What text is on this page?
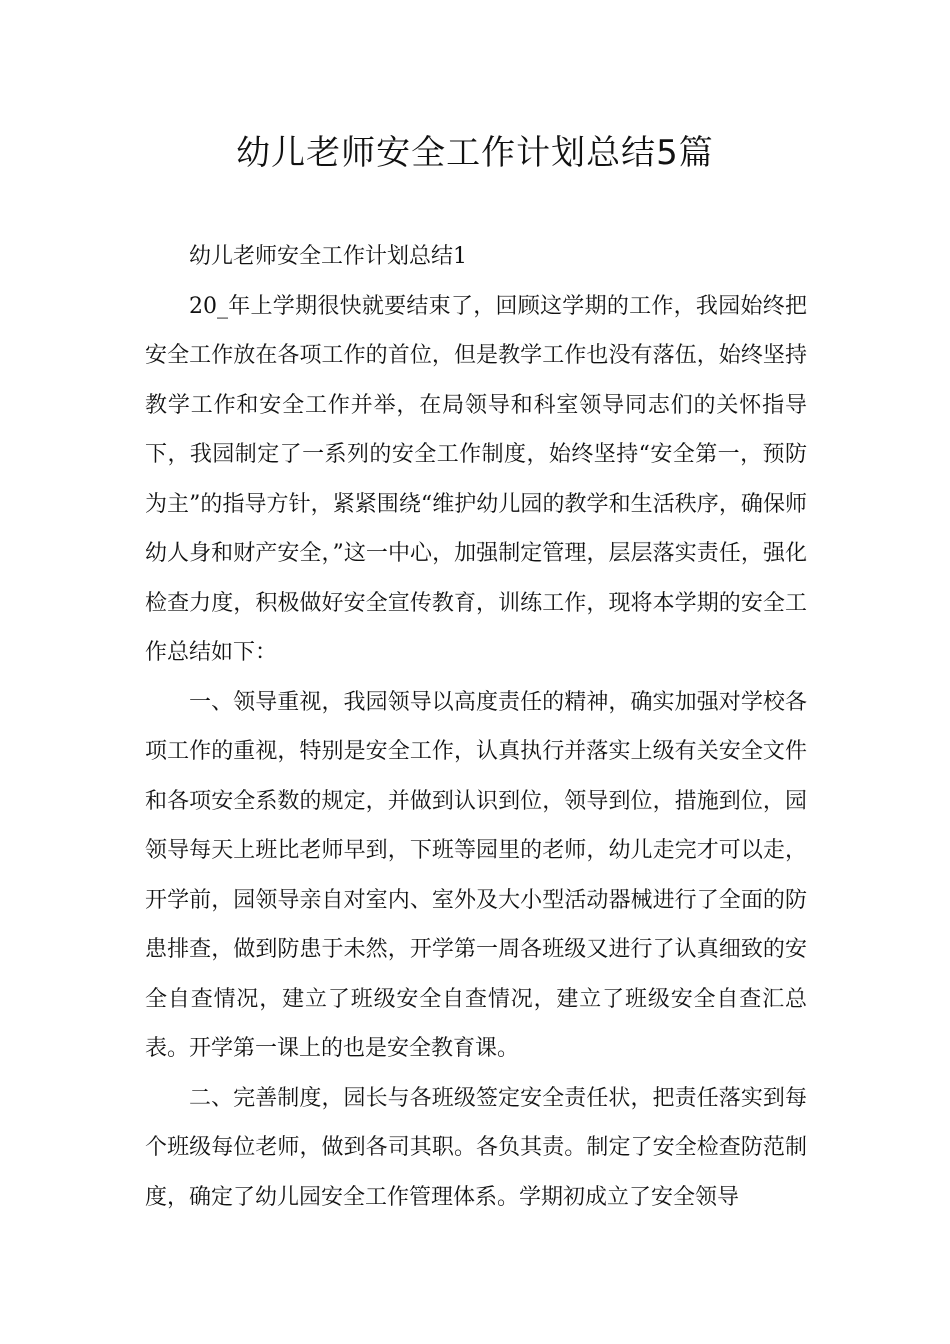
幼儿老师安全工作计划总结5篇

幼儿老师安全工作计划总结1

20_年上学期很快就要结束了，回顾这学期的工作，我园始终把安全工作放在各项工作的首位，但是教学工作也没有落伍，始终坚持教学工作和安全工作并举，在局领导和科室领导同志们的关怀指导下，我园制定了一系列的安全工作制度，始终坚持“安全第一，预防为主”的指导方针，紧紧围绕“维护幼儿园的教学和生活秩序，确保师幼人身和财产安全，”这一中心，加强制定管理，层层落实责任，强化检查力度，积极做好安全宣传教育，训练工作，现将本学期的安全工作总结如下：

一、领导重视，我园领导以高度责任的精神，确实加强对学校各项工作的重视，特别是安全工作，认真执行并落实上级有关安全文件和各项安全系数的规定，并做到认识到位，领导到位，措施到位，园领导每天上班比老师早到，下班等园里的老师，幼儿走完才可以走，开学前，园领导亲自对室内、室外及大小型活动器械进行了全面的防患排查，做到防患于未然，开学第一周各班级又进行了认真细致的安全自查情况，建立了班级安全自查情况，建立了班级安全自查汇总表。开学第一课上的也是安全教育课。

二、完善制度，园长与各班级签定安全责任状，把责任落实到每个班级每位老师，做到各司其职。各负其责。制定了安全检查防范制度，确定了幼儿园安全工作管理体系。学期初成立了安全领导
